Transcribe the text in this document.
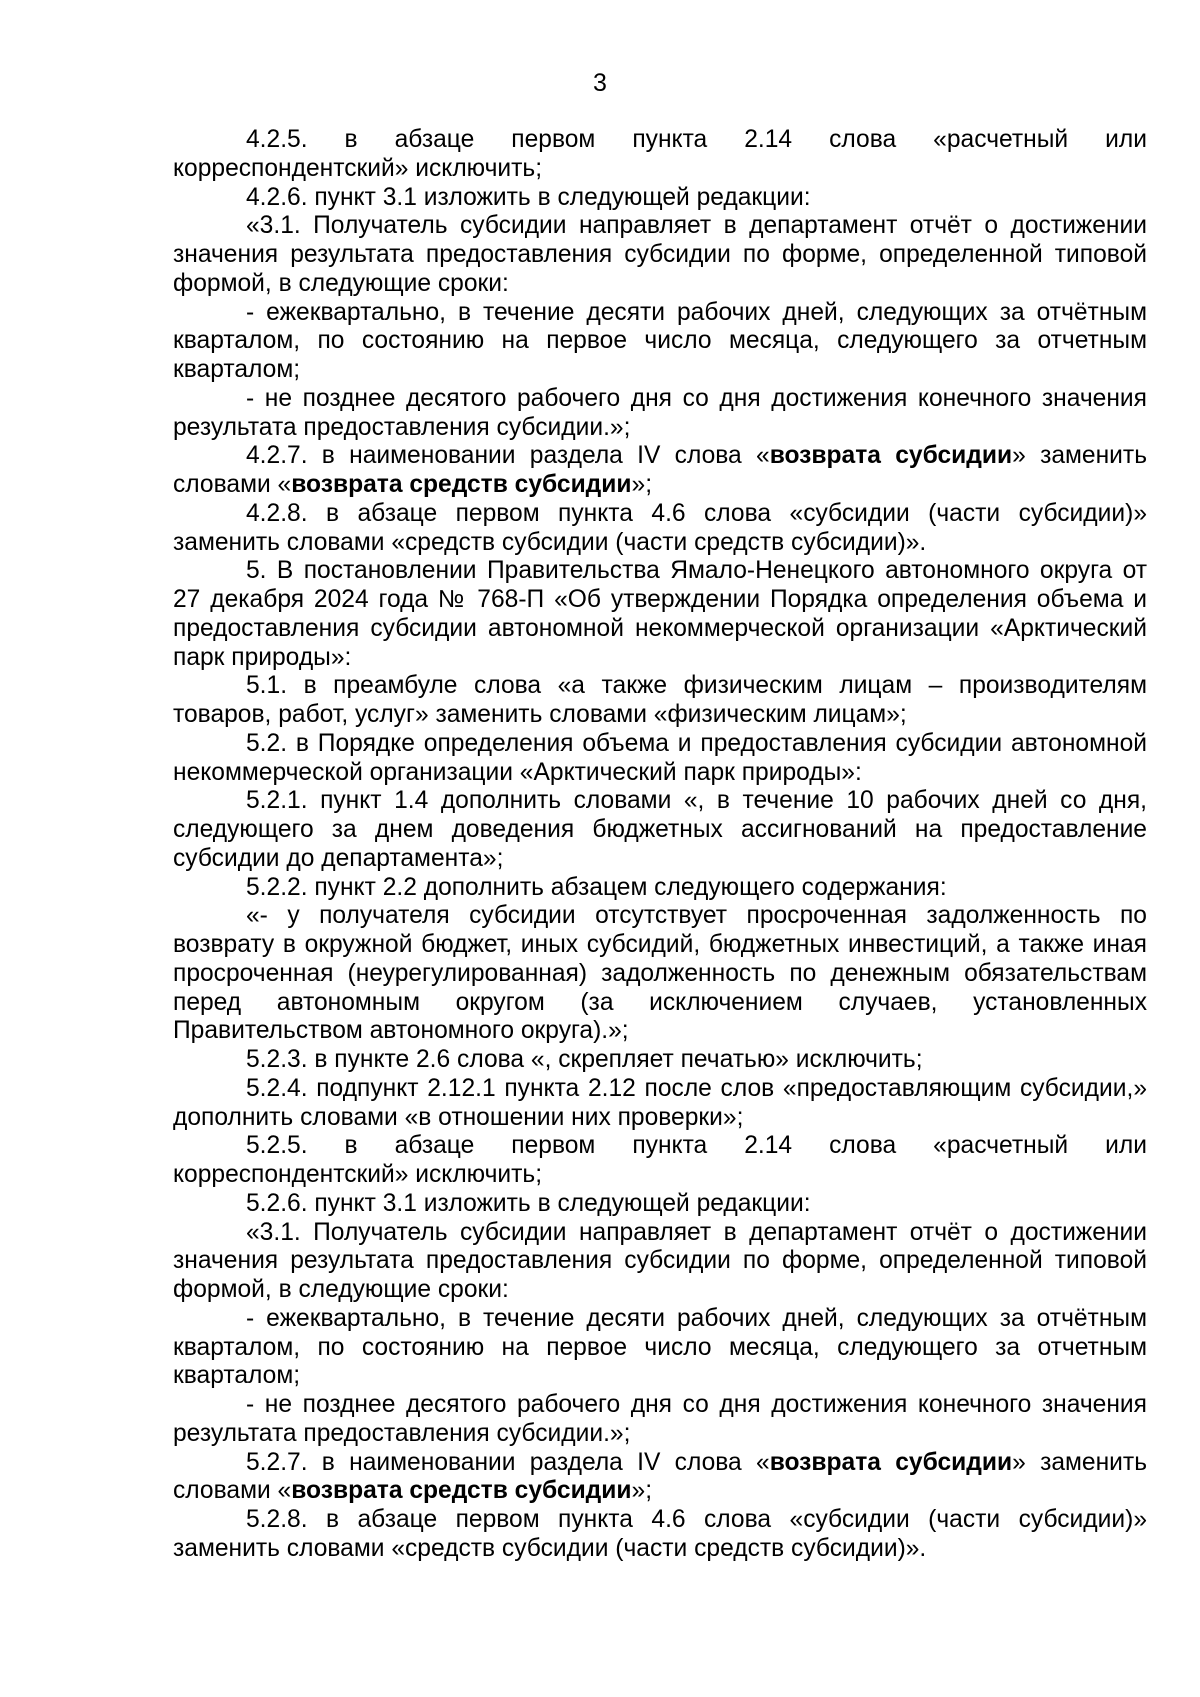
3

4.2.5. в абзаце первом пункта 2.14 слова «расчетный или корреспондентский» исключить;

4.2.6. пункт 3.1 изложить в следующей редакции:

«3.1. Получатель субсидии направляет в департамент отчёт о достижении значения результата предоставления субсидии по форме, определенной типовой формой, в следующие сроки:

- ежеквартально, в течение десяти рабочих дней, следующих за отчётным кварталом, по состоянию на первое число месяца, следующего за отчетным кварталом;

- не позднее десятого рабочего дня со дня достижения конечного значения результата предоставления субсидии.»;

4.2.7. в наименовании раздела IV слова «возврата субсидии» заменить словами «возврата средств субсидии»;

4.2.8. в абзаце первом пункта 4.6 слова «субсидии (части субсидии)» заменить словами «средств субсидии (части средств субсидии)».

5. В постановлении Правительства Ямало-Ненецкого автономного округа от 27 декабря 2024 года № 768-П «Об утверждении Порядка определения объема и предоставления субсидии автономной некоммерческой организации «Арктический парк природы»:

5.1. в преамбуле слова «а также физическим лицам – производителям товаров, работ, услуг» заменить словами «физическим лицам»;

5.2. в Порядке определения объема и предоставления субсидии автономной некоммерческой организации «Арктический парк природы»:

5.2.1. пункт 1.4 дополнить словами «, в течение 10 рабочих дней со дня, следующего за днем доведения бюджетных ассигнований на предоставление субсидии до департамента»;

5.2.2. пункт 2.2 дополнить абзацем следующего содержания:

«- у получателя субсидии отсутствует просроченная задолженность по возврату в окружной бюджет, иных субсидий, бюджетных инвестиций, а также иная просроченная (неурегулированная) задолженность по денежным обязательствам перед автономным округом (за исключением случаев, установленных Правительством автономного округа).»;

5.2.3. в пункте 2.6 слова «, скрепляет печатью» исключить;

5.2.4. подпункт 2.12.1 пункта 2.12 после слов «предоставляющим субсидии,» дополнить словами «в отношении них проверки»;

5.2.5. в абзаце первом пункта 2.14 слова «расчетный или корреспондентский» исключить;

5.2.6. пункт 3.1 изложить в следующей редакции:

«3.1. Получатель субсидии направляет в департамент отчёт о достижении значения результата предоставления субсидии по форме, определенной типовой формой, в следующие сроки:

- ежеквартально, в течение десяти рабочих дней, следующих за отчётным кварталом, по состоянию на первое число месяца, следующего за отчетным кварталом;

- не позднее десятого рабочего дня со дня достижения конечного значения результата предоставления субсидии.»;

5.2.7. в наименовании раздела IV слова «возврата субсидии» заменить словами «возврата средств субсидии»;

5.2.8. в абзаце первом пункта 4.6 слова «субсидии (части субсидии)» заменить словами «средств субсидии (части средств субсидии)».
